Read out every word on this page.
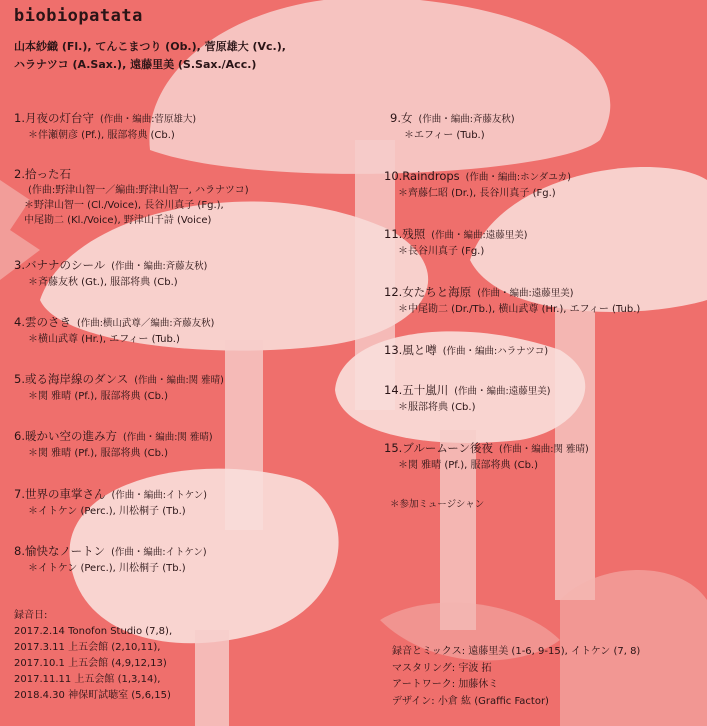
biobiopatata
山本紗織 (Fl.), てんこまつり (Ob.), 菅原雄大 (Vc.),
ハラナツコ (A.Sax.), 遠藤里美 (S.Sax./Acc.)
1.月夜の灯台守 (作曲・編曲:菅原雄大)
＊伴瀬朝彦 (Pf.), 服部将典 (Cb.)
2.拾った石
(作曲:野津山智一／編曲:野津山智一, ハラナツコ)
＊野津山智一 (Cl./Voice), 長谷川真子 (Fg.),
中尾勘二 (Kl./Voice), 野津山千詩 (Voice)
3.バナナのシール (作曲・編曲:斉藤友秋)
＊斉藤友秋 (Gt.), 服部将典 (Cb.)
4.雲のさき (作曲:横山武尊／編曲:斉藤友秋)
＊横山武尊 (Hr.), エフィー (Tub.)
5.或る海岸線のダンス (作曲・編曲:関 雅晴)
＊関 雅晴 (Pf.), 服部将典 (Cb.)
6.暖かい空の進み方 (作曲・編曲:関 雅晴)
＊関 雅晴 (Pf.), 服部将典 (Cb.)
7.世界の車掌さん (作曲・編曲:イトケン)
＊イトケン (Perc.), 川松桐子 (Tb.)
8.愉快なノートン (作曲・編曲:イトケン)
＊イトケン (Perc.), 川松桐子 (Tb.)
9.女 (作曲・編曲:斉藤友秋)
＊エフィー (Tub.)
10.Raindrops (作曲・編曲:ホンダユカ)
＊齊藤仁昭 (Dr.), 長谷川真子 (Fg.)
11.残照 (作曲・編曲:遠藤里美)
＊長谷川真子 (Fg.)
12.女たちと海原 (作曲・編曲:遠藤里美)
＊中尾勘二 (Dr./Tb.), 横山武尊 (Hr.), エフィー (Tub.)
13.風と噂 (作曲・編曲:ハラナツコ)
14.五十嵐川 (作曲・編曲:遠藤里美)
＊服部将典 (Cb.)
15.ブルームーン後夜 (作曲・編曲:関 雅晴)
＊関 雅晴 (Pf.), 服部将典 (Cb.)
＊参加ミュージシャン
録音日:
2017.2.14 Tonofon Studio (7,8),
2017.3.11 上五会館 (2,10,11),
2017.10.1 上五会館 (4,9,12,13)
2017.11.11 上五会館 (1,3,14),
2018.4.30 神保町試聴室 (5,6,15)
録音とミックス: 遠藤里美 (1-6, 9-15), イトケン (7, 8)
マスタリング: 宇波 拓
アートワーク: 加藤休ミ
デザイン: 小倉 紘 (Graffic Factor)
